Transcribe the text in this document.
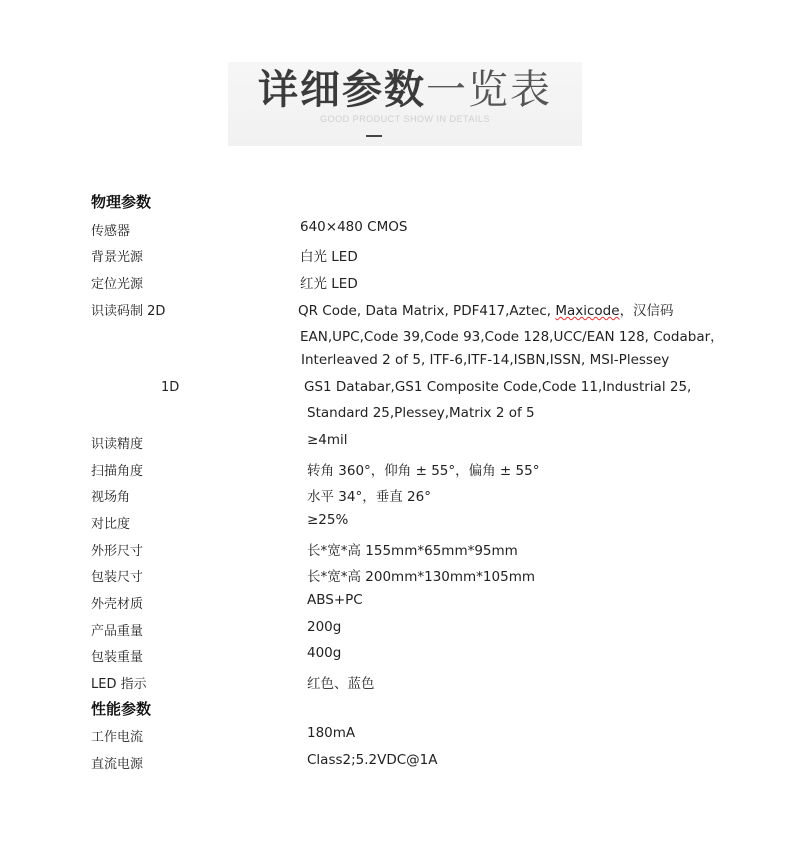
详细参数一览表
GOOD PRODUCT SHOW IN DETAILS
物理参数
传感器	640×480 CMOS
背景光源	白光 LED
定位光源	红光 LED
识读码制 2D	QR Code, Data Matrix, PDF417,Aztec, Maxicode，汉信码
EAN,UPC,Code 39,Code 93,Code 128,UCC/EAN 128, Codabar，
Interleaved 2 of 5, ITF-6,ITF-14,ISBN,ISSN, MSI-Plessey
1D	GS1 Databar,GS1 Composite Code,Code 11,Industrial 25,
Standard 25,Plessey,Matrix 2 of 5
识读精度	≥4mil
扫描角度	转角 360°，仰角 ± 55°，偏角 ± 55°
视场角	水平 34°，垂直 26°
对比度	≥25%
外形尺寸	长*宽*高 155mm*65mm*95mm
包装尺寸	长*宽*高 200mm*130mm*105mm
外壳材质	ABS+PC
产品重量	200g
包装重量	400g
LED 指示	红色、蓝色
性能参数
工作电流	180mA
直流电源	Class2;5.2VDC@1A
